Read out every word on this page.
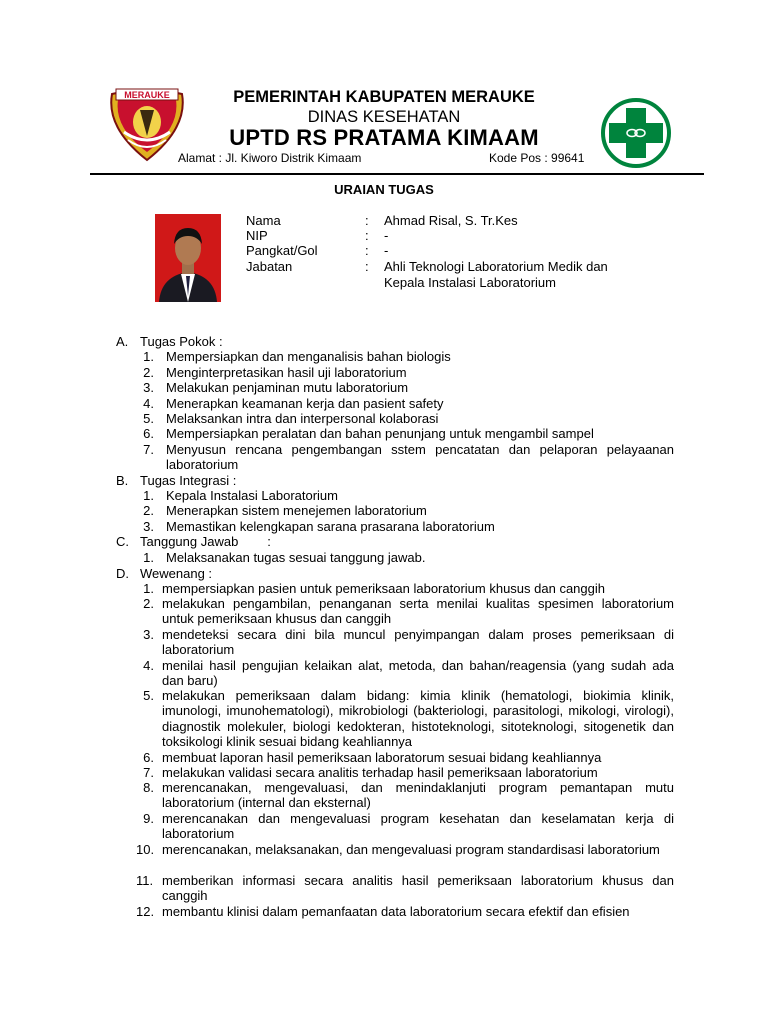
MERAUKE	PEMERINTAH KABUPATEN MERAUKE
DINAS KESEHATAN
UPTD RS PRATAMA KIMAAM
Alamat : Jl. Kiworo Distrik Kimaam	Kode Pos : 99641
URAIAN TUGAS
Nama	: Ahmad Risal, S. Tr.Kes
NIP	: -
Pangkat/Gol	: -
Jabatan	: Ahli Teknologi Laboratorium Medik dan
Kepala Instalasi Laboratorium
A. Tugas Pokok :
1. Mempersiapkan dan menganalisis bahan biologis
2. Menginterpretasikan hasil uji laboratorium
3. Melakukan penjaminan mutu laboratorium
4. Menerapkan keamanan kerja dan pasient safety
5. Melaksankan intra dan interpersonal kolaborasi
6. Mempersiapkan peralatan dan bahan penunjang untuk mengambil sampel
7. Menyusun rencana pengembangan sstem pencatatan dan pelaporan pelayaanan laboratorium
B. Tugas Integrasi :
1. Kepala Instalasi Laboratorium
2. Menerapkan sistem menejemen laboratorium
3. Memastikan kelengkapan sarana prasarana laboratorium
C. Tanggung Jawab        :
1. Melaksanakan tugas sesuai tanggung jawab.
D. Wewenang :
1. mempersiapkan pasien untuk pemeriksaan laboratorium khusus dan canggih
2. melakukan pengambilan, penanganan serta menilai kualitas spesimen laboratorium untuk pemeriksaan khusus dan canggih
3. mendeteksi secara dini bila muncul penyimpangan dalam proses pemeriksaan di laboratorium
4. menilai hasil pengujian kelaikan alat, metoda, dan bahan/reagensia (yang sudah ada dan baru)
5. melakukan pemeriksaan dalam bidang: kimia klinik (hematologi, biokimia klinik, imunologi, imunohematologi), mikrobiologi (bakteriologi, parasitologi, mikologi, virologi), diagnostik molekuler, biologi kedokteran, histoteknologi, sitoteknologi, sitogenetik dan toksikologi klinik sesuai bidang keahliannya
6. membuat laporan hasil pemeriksaan laboratorum sesuai bidang keahliannya
7. melakukan validasi secara analitis terhadap hasil pemeriksaan laboratorium
8. merencanakan, mengevaluasi, dan menindaklanjuti program pemantapan mutu laboratorium (internal dan eksternal)
9. merencanakan dan mengevaluasi program kesehatan dan keselamatan kerja di laboratorium
10. merencanakan, melaksanakan, dan mengevaluasi program standardisasi laboratorium
11. memberikan informasi secara analitis hasil pemeriksaan laboratorium khusus dan canggih
12. membantu klinisi dalam pemanfaatan data laboratorium secara efektif dan efisien
